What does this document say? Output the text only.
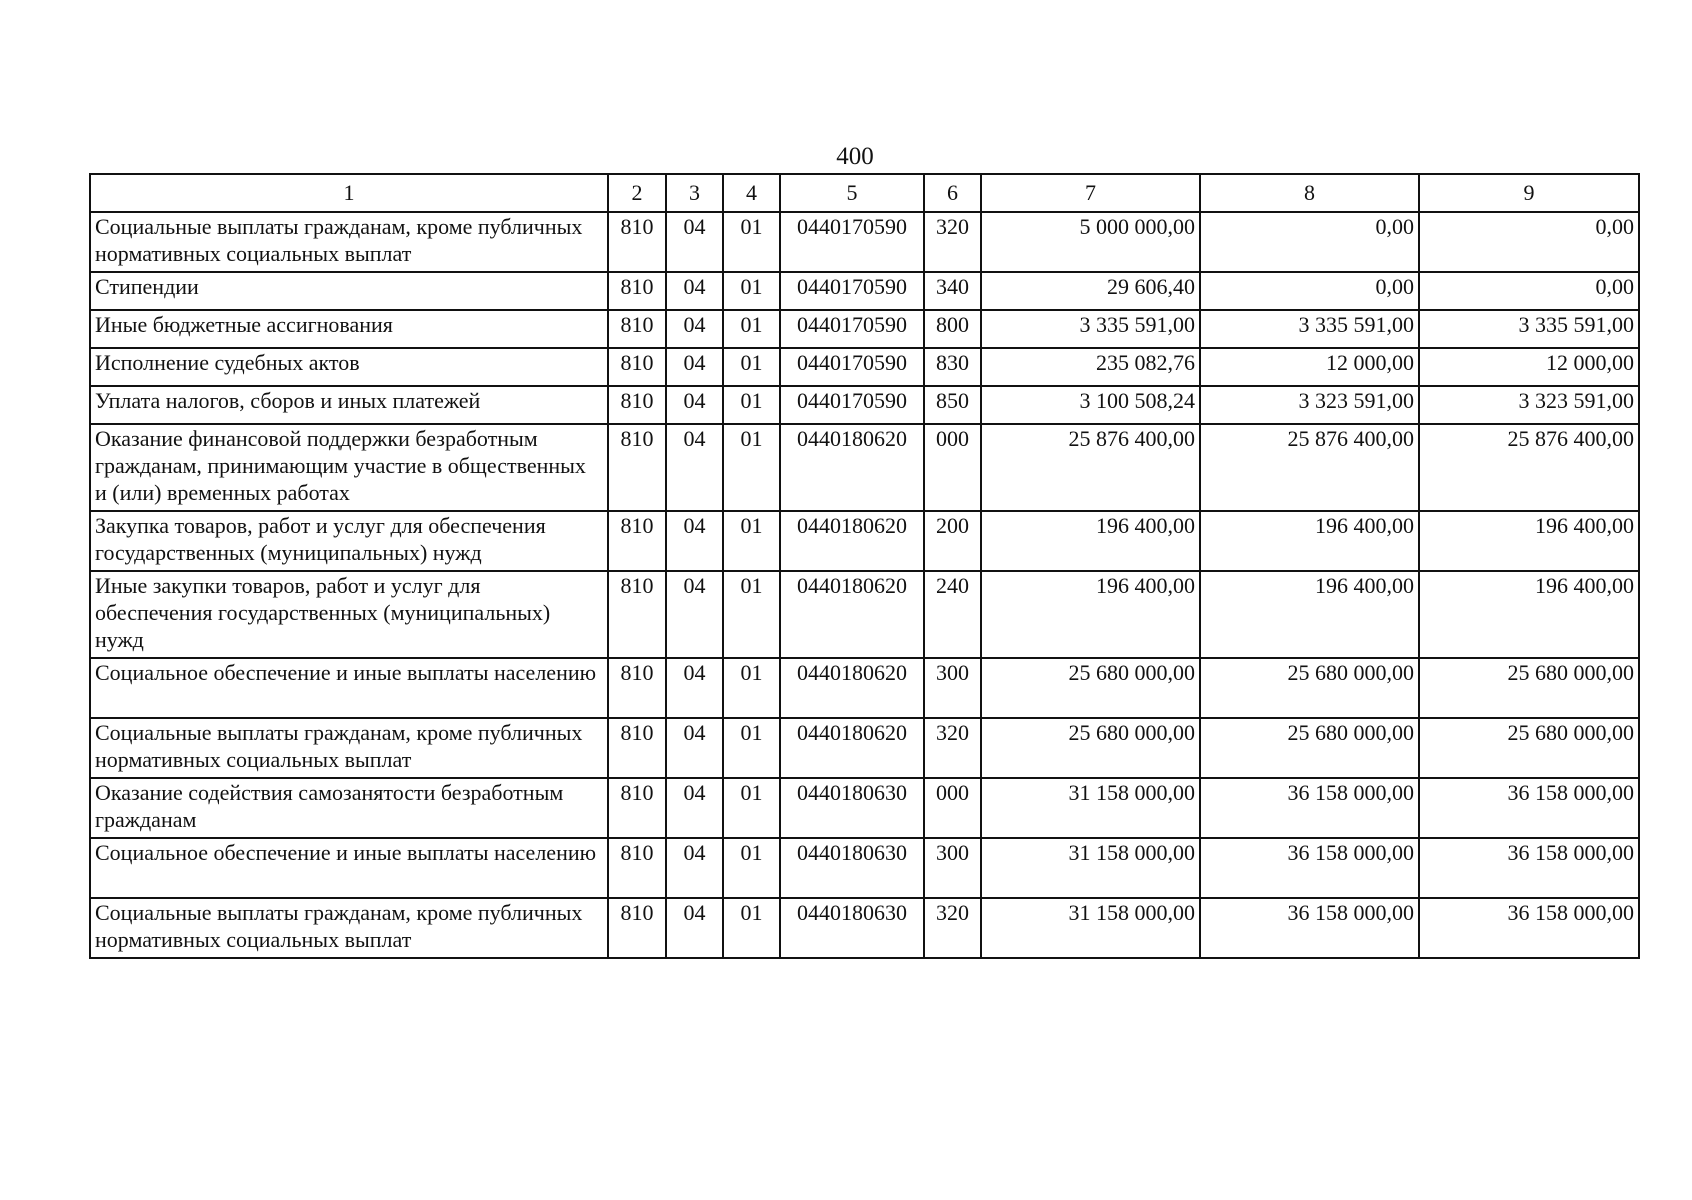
400
1	2	3	4	5	6	7	8	9
Социальные выплаты гражданам, кроме публичных нормативных социальных выплат	810	04	01	0440170590	320	5 000 000,00	0,00	0,00
Стипендии	810	04	01	0440170590	340	29 606,40	0,00	0,00
Иные бюджетные ассигнования	810	04	01	0440170590	800	3 335 591,00	3 335 591,00	3 335 591,00
Исполнение судебных актов	810	04	01	0440170590	830	235 082,76	12 000,00	12 000,00
Уплата налогов, сборов и иных платежей	810	04	01	0440170590	850	3 100 508,24	3 323 591,00	3 323 591,00
Оказание финансовой поддержки безработным гражданам, принимающим участие в общественных и (или) временных работах	810	04	01	0440180620	000	25 876 400,00	25 876 400,00	25 876 400,00
Закупка товаров, работ и услуг для обеспечения государственных (муниципальных) нужд	810	04	01	0440180620	200	196 400,00	196 400,00	196 400,00
Иные закупки товаров, работ и услуг для обеспечения государственных (муниципальных) нужд	810	04	01	0440180620	240	196 400,00	196 400,00	196 400,00
Социальное обеспечение и иные выплаты населению	810	04	01	0440180620	300	25 680 000,00	25 680 000,00	25 680 000,00
Социальные выплаты гражданам, кроме публичных нормативных социальных выплат	810	04	01	0440180620	320	25 680 000,00	25 680 000,00	25 680 000,00
Оказание содействия самозанятости безработным гражданам	810	04	01	0440180630	000	31 158 000,00	36 158 000,00	36 158 000,00
Социальное обеспечение и иные выплаты населению	810	04	01	0440180630	300	31 158 000,00	36 158 000,00	36 158 000,00
Социальные выплаты гражданам, кроме публичных нормативных социальных выплат	810	04	01	0440180630	320	31 158 000,00	36 158 000,00	36 158 000,00
